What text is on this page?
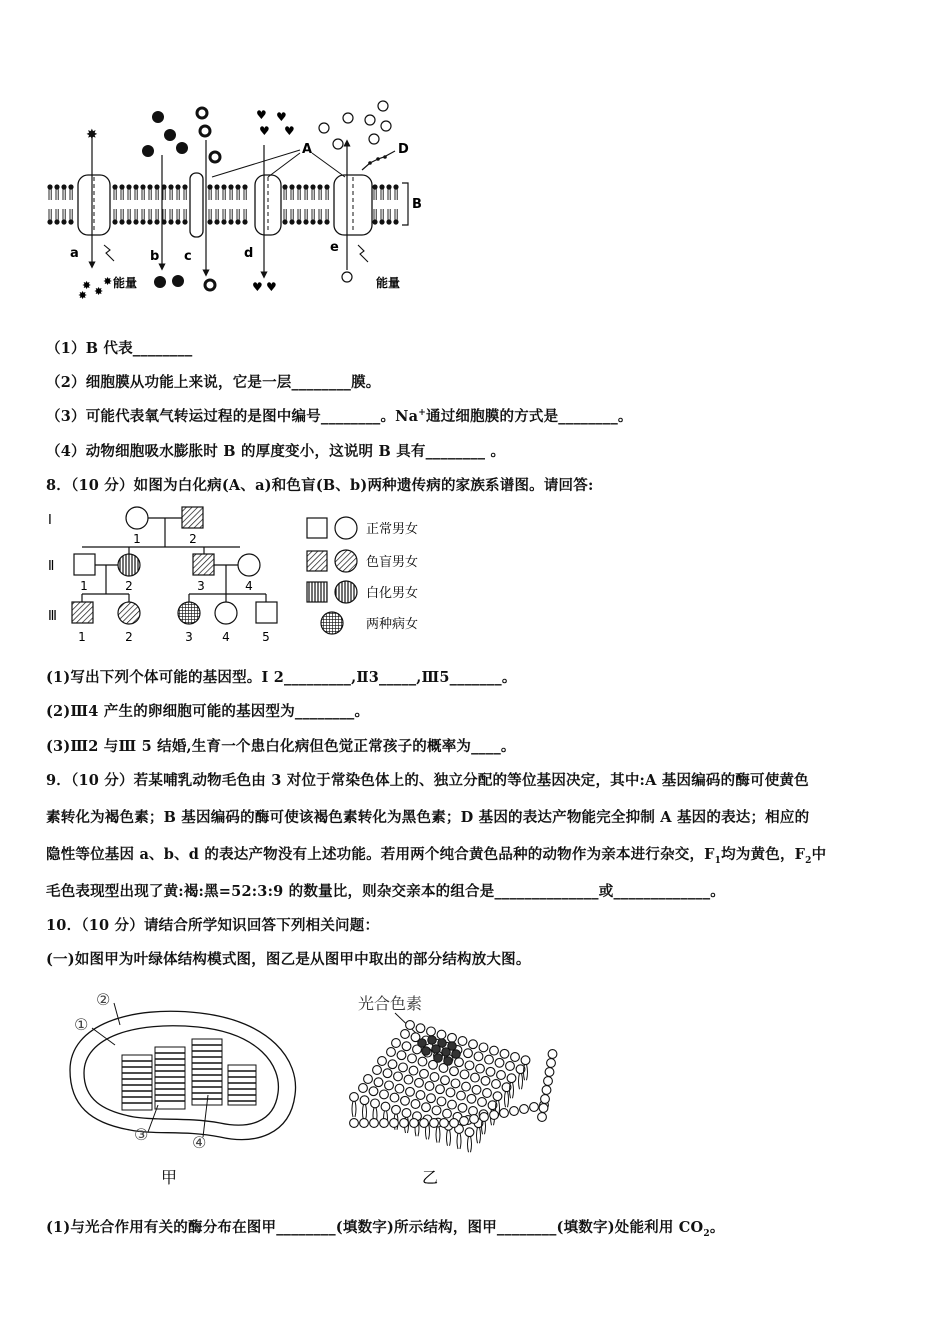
B
A	D
✸
a
✸ ✸
✸
✸
能量
b c
♥
♥ ♥
♥
d
♥ ♥
e
能量
（1）B 代表________
（2）细胞膜从功能上来说，它是一层________膜。
（3）可能代表氧气转运过程的是图中编号________。Na+通过细胞膜的方式是________。
（4）动物细胞吸水膨胀时 B 的厚度变小，这说明 B 具有________ 。
8．（10 分）如图为白化病(A、a)和色盲(B、b)两种遗传病的家族系谱图。请回答:
Ⅰ
Ⅱ
Ⅲ
1	2
1	2	3	4
1	2	3 4	5
正常男女
色盲男女
白化男女
两种病女
(1)写出下列个体可能的基因型。Ⅰ 2_________,Ⅱ3_____,Ⅲ5_______。
(2)Ⅲ4 产生的卵细胞可能的基因型为________。
(3)Ⅲ2 与Ⅲ 5 结婚,生育一个患白化病但色觉正常孩子的概率为____。
9．（10 分）若某哺乳动物毛色由 3 对位于常染色体上的、独立分配的等位基因决定，其中:A 基因编码的酶可使黄色
素转化为褐色素；B 基因编码的酶可使该褐色素转化为黑色素；D 基因的表达产物能完全抑制 A 基因的表达；相应的
隐性等位基因 a、b、d 的表达产物没有上述功能。若用两个纯合黄色品种的动物作为亲本进行杂交，$F_1$均为黄色，$F_2$中
毛色表现型出现了黄:褐:黑=52:3:9 的数量比，则杂交亲本的组合是______________或_____________。
10．（10 分）请结合所学知识回答下列相关问题：
(一)如图甲为叶绿体结构模式图，图乙是从图甲中取出的部分结构放大图。
②
①
③	④
甲
光合色素
乙
(1)与光合作用有关的酶分布在图甲________(填数字)所示结构，图甲________(填数字)处能利用 $CO_2$。
